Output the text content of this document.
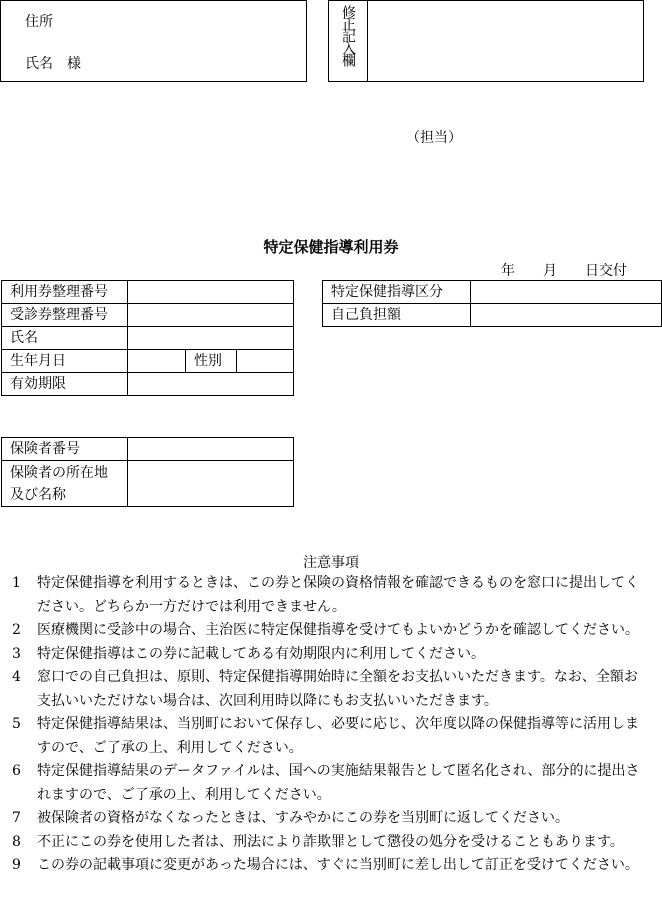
住所
氏名　様	修正記入欄
（担当）
特定保健指導利用券
年　　月　　日交付
利用券整理番号			
受診券整理番号			
氏名			
生年月日		性別	
有効期限			
特定保健指導区分	
自己負担額	
保険者番号	

保険者の所在地
及び名称	

注意事項
1	特定保健指導を利用するときは、この券と保険の資格情報を確認できるものを窓口に提出してください。どちらか一方だけでは利用できません。
2	医療機関に受診中の場合、主治医に特定保健指導を受けてもよいかどうかを確認してください。
3	特定保健指導はこの券に記載してある有効期限内に利用してください。
4	窓口での自己負担は、原則、特定保健指導開始時に全額をお支払いいただきます。なお、全額お支払いいただけない場合は、次回利用時以降にもお支払いいただきます。
5	特定保健指導結果は、当別町において保存し、必要に応じ、次年度以降の保健指導等に活用しますので、ご了承の上、利用してください。
6	特定保健指導結果のデータファイルは、国への実施結果報告として匿名化され、部分的に提出されますので、ご了承の上、利用してください。
7	被保険者の資格がなくなったときは、すみやかにこの券を当別町に返してください。
8	不正にこの券を使用した者は、刑法により詐欺罪として懲役の処分を受けることもあります。
9	この券の記載事項に変更があった場合には、すぐに当別町に差し出して訂正を受けてください。
